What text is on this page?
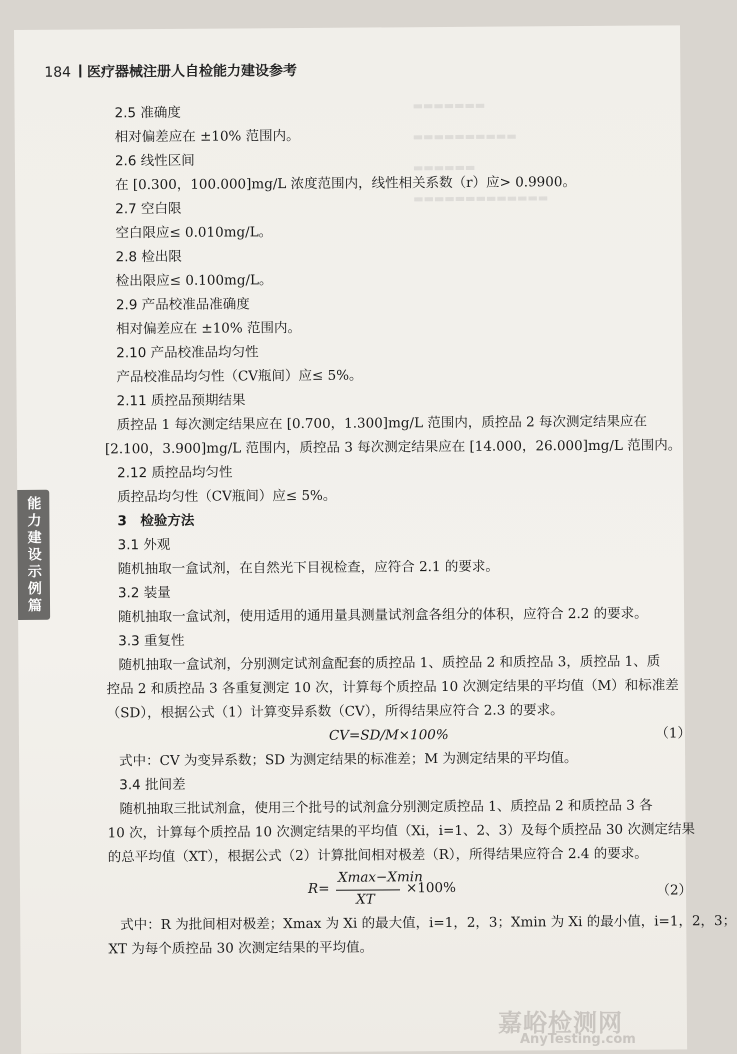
▬▬▬▬▬▬▬
▬▬▬▬▬▬▬▬▬▬
▬▬▬▬▬▬
▬▬▬▬▬▬▬▬▬▬▬▬▬
184 医疗器械注册人自检能力建设参考
能力建设示例篇

2.5 准确度

相对偏差应在 ±10% 范围内。

2.6 线性区间

在 [0.300，100.000]mg/L 浓度范围内，线性相关系数（r）应> 0.9900。

2.7 空白限

空白限应≤ 0.010mg/L。

2.8 检出限

检出限应≤ 0.100mg/L。

2.9 产品校准品准确度

相对偏差应在 ±10% 范围内。

2.10 产品校准品均匀性

产品校准品均匀性（CV瓶间）应≤ 5%。

2.11 质控品预期结果

质控品 1 每次测定结果应在 [0.700，1.300]mg/L 范围内，质控品 2 每次测定结果应在

[2.100，3.900]mg/L 范围内，质控品 3 每次测定结果应在 [14.000，26.000]mg/L 范围内。

2.12 质控品均匀性

质控品均匀性（CV瓶间）应≤ 5%。

3　检验方法

3.1 外观

随机抽取一盒试剂，在自然光下目视检查，应符合 2.1 的要求。

3.2 装量

随机抽取一盒试剂，使用适用的通用量具测量试剂盒各组分的体积，应符合 2.2 的要求。

3.3 重复性

随机抽取一盒试剂，分别测定试剂盒配套的质控品 1、质控品 2 和质控品 3，质控品 1、质

控品 2 和质控品 3 各重复测定 10 次，计算每个质控品 10 次测定结果的平均值（M）和标准差

（SD），根据公式（1）计算变异系数（CV），所得结果应符合 2.3 的要求。

CV=SD/M×100%	（1）

式中：CV 为变异系数；SD 为测定结果的标准差；M 为测定结果的平均值。

3.4 批间差

随机抽取三批试剂盒，使用三个批号的试剂盒分别测定质控品 1、质控品 2 和质控品 3 各

10 次，计算每个质控品 10 次测定结果的平均值（Xi，i=1、2、3）及每个质控品 30 次测定结果

的总平均值（XT），根据公式（2）计算批间相对极差（R），所得结果应符合 2.4 的要求。

R=
Xmax−Xmin
XT
×100%	（2）

式中：R 为批间相对极差；Xmax 为 Xi 的最大值，i=1，2，3；Xmin 为 Xi 的最小值，i=1，2，3；

XT 为每个质控品 30 次测定结果的平均值。

嘉峪检测网
AnyTesting.com
